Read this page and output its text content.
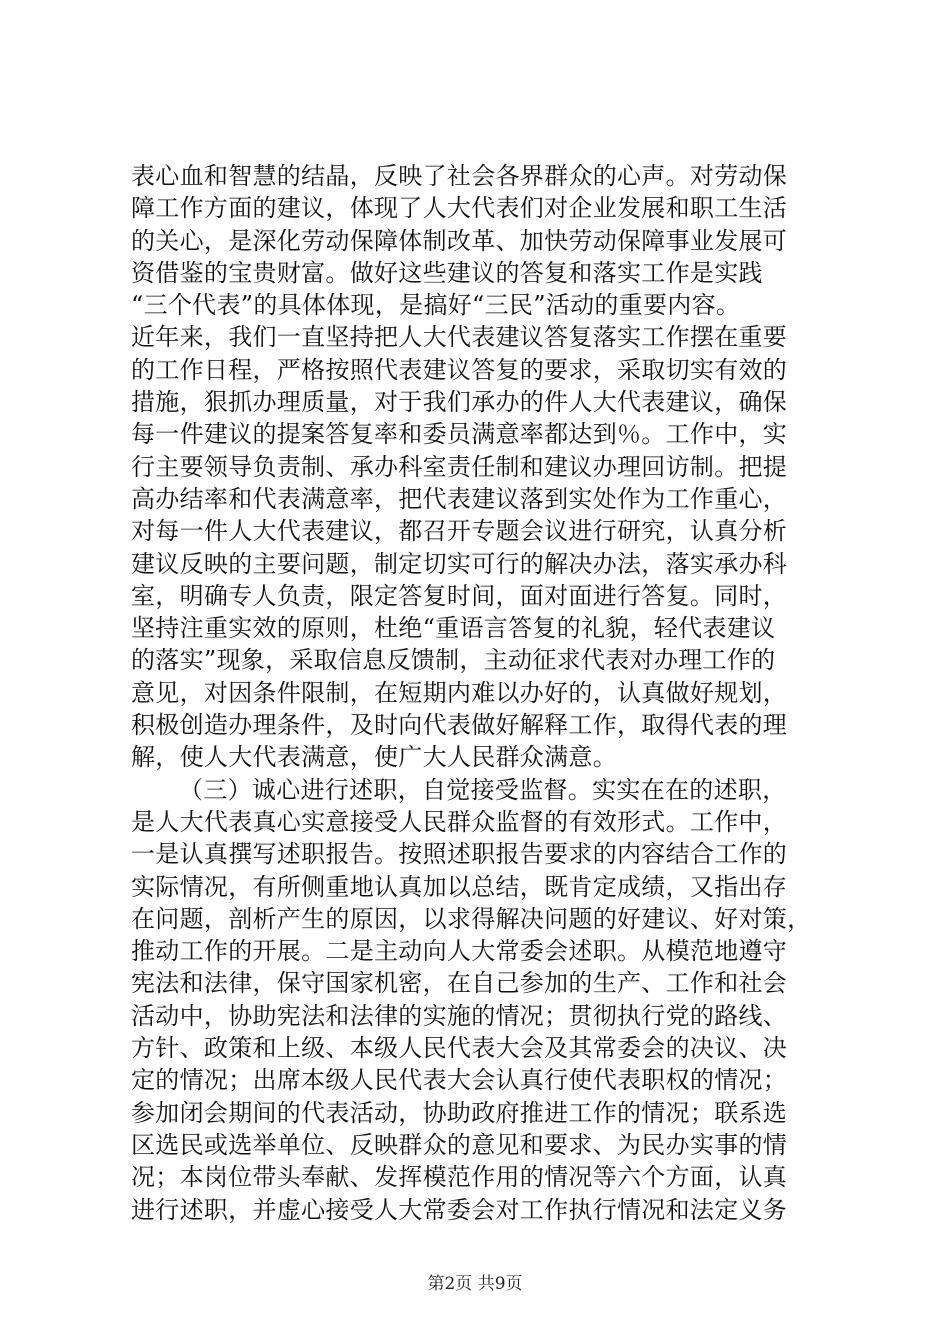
表心血和智慧的结晶，反映了社会各界群众的心声。对劳动保
障工作方面的建议，体现了人大代表们对企业发展和职工生活
的关心，是深化劳动保障体制改革、加快劳动保障事业发展可
资借鉴的宝贵财富。做好这些建议的答复和落实工作是实践
“三个代表”的具体体现，是搞好“三民”活动的重要内容。
近年来，我们一直坚持把人大代表建议答复落实工作摆在重要
的工作日程，严格按照代表建议答复的要求，采取切实有效的
措施，狠抓办理质量，对于我们承办的件人大代表建议，确保
每一件建议的提案答复率和委员满意率都达到％。工作中，实
行主要领导负责制、承办科室责任制和建议办理回访制。把提
高办结率和代表满意率，把代表建议落到实处作为工作重心，
对每一件人大代表建议，都召开专题会议进行研究，认真分析
建议反映的主要问题，制定切实可行的解决办法，落实承办科
室，明确专人负责，限定答复时间，面对面进行答复。同时，
坚持注重实效的原则，杜绝“重语言答复的礼貌，轻代表建议
的落实”现象，采取信息反馈制，主动征求代表对办理工作的
意见，对因条件限制，在短期内难以办好的，认真做好规划，
积极创造办理条件，及时向代表做好解释工作，取得代表的理
解，使人大代表满意，使广大人民群众满意。
（三）诚心进行述职，自觉接受监督。实实在在的述职，
是人大代表真心实意接受人民群众监督的有效形式。工作中，
一是认真撰写述职报告。按照述职报告要求的内容结合工作的
实际情况，有所侧重地认真加以总结，既肯定成绩，又指出存
在问题，剖析产生的原因，以求得解决问题的好建议、好对策，
推动工作的开展。二是主动向人大常委会述职。从模范地遵守
宪法和法律，保守国家机密，在自己参加的生产、工作和社会
活动中，协助宪法和法律的实施的情况；贯彻执行党的路线、
方针、政策和上级、本级人民代表大会及其常委会的决议、决
定的情况；出席本级人民代表大会认真行使代表职权的情况；
参加闭会期间的代表活动，协助政府推进工作的情况；联系选
区选民或选举单位、反映群众的意见和要求、为民办实事的情
况；本岗位带头奉献、发挥模范作用的情况等六个方面，认真
进行述职，并虚心接受人大常委会对工作执行情况和法定义务
第2页 共9页
